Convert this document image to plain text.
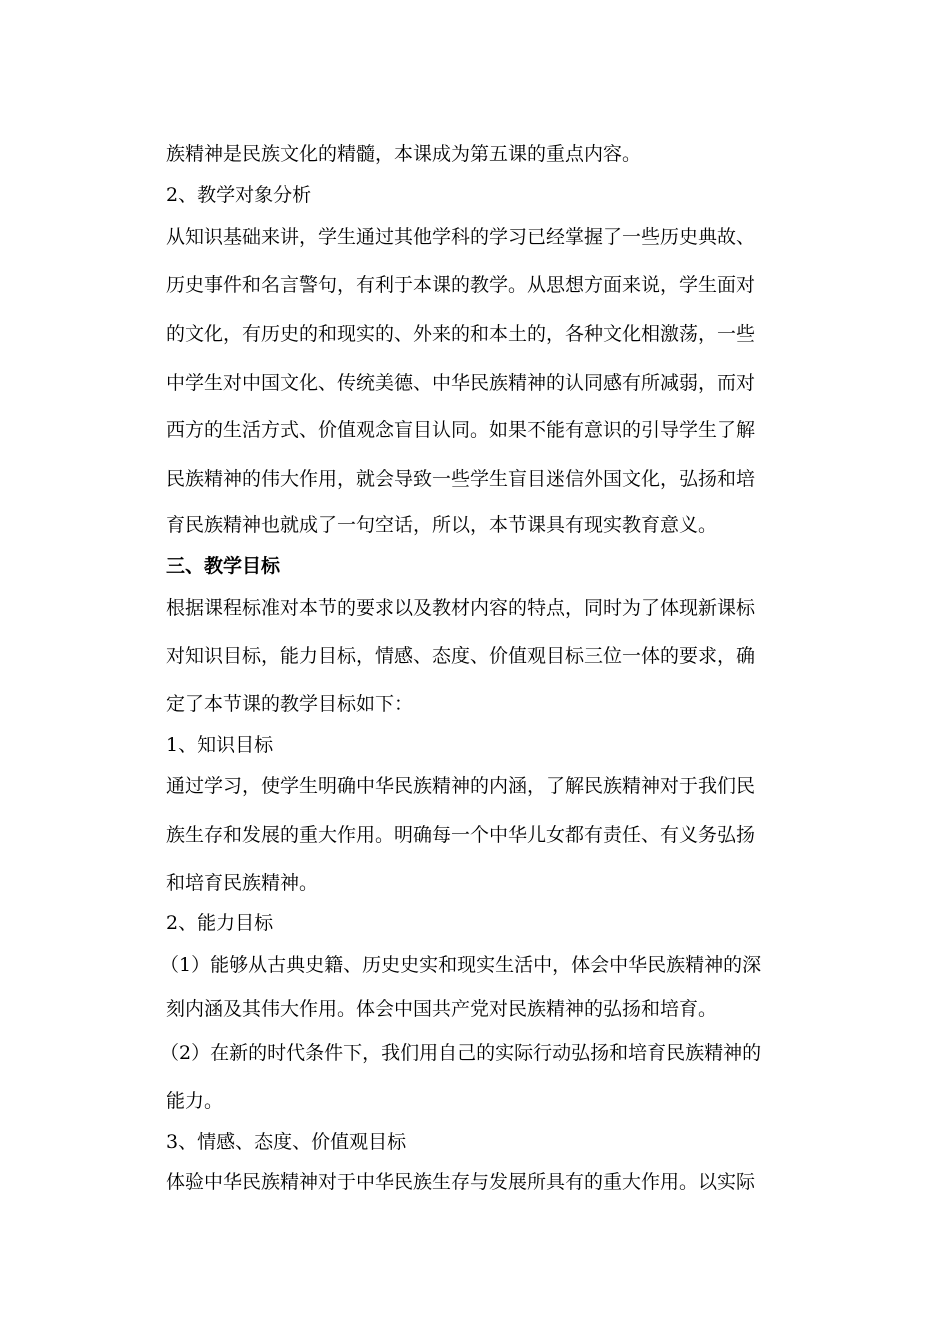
族精神是民族文化的精髓，本课成为第五课的重点内容。
2、教学对象分析
从知识基础来讲，学生通过其他学科的学习已经掌握了一些历史典故、
历史事件和名言警句，有利于本课的教学。从思想方面来说，学生面对
的文化，有历史的和现实的、外来的和本土的，各种文化相激荡，一些
中学生对中国文化、传统美德、中华民族精神的认同感有所减弱，而对
西方的生活方式、价值观念盲目认同。如果不能有意识的引导学生了解
民族精神的伟大作用，就会导致一些学生盲目迷信外国文化，弘扬和培
育民族精神也就成了一句空话，所以，本节课具有现实教育意义。
三、教学目标
根据课程标准对本节的要求以及教材内容的特点，同时为了体现新课标
对知识目标，能力目标，情感、态度、价值观目标三位一体的要求，确
定了本节课的教学目标如下：
1、知识目标
通过学习，使学生明确中华民族精神的内涵，了解民族精神对于我们民
族生存和发展的重大作用。明确每一个中华儿女都有责任、有义务弘扬
和培育民族精神。
2、能力目标
（1）能够从古典史籍、历史史实和现实生活中，体会中华民族精神的深
刻内涵及其伟大作用。体会中国共产党对民族精神的弘扬和培育。
（2）在新的时代条件下，我们用自己的实际行动弘扬和培育民族精神的
能力。
3、情感、态度、价值观目标
体验中华民族精神对于中华民族生存与发展所具有的重大作用。以实际
